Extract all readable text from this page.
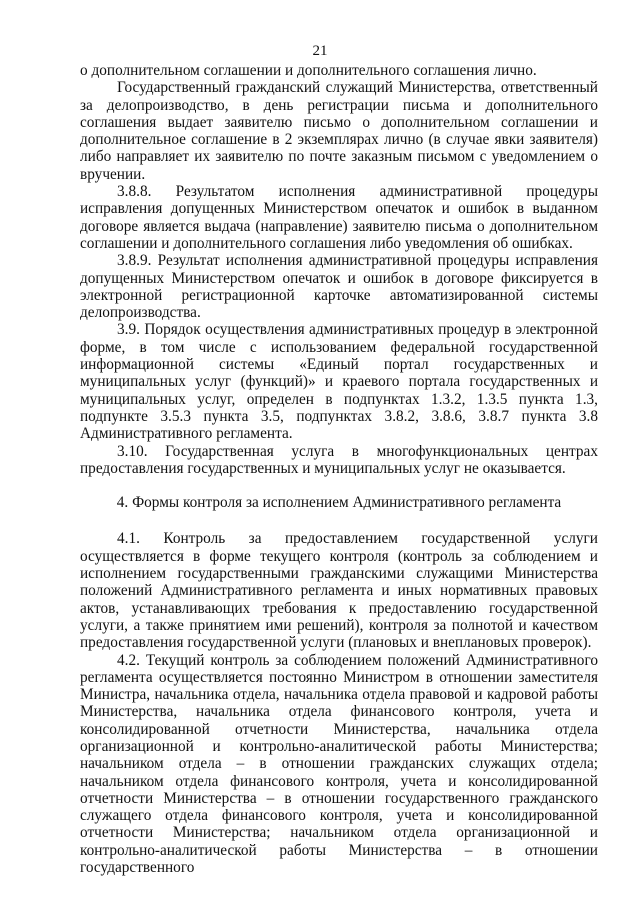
21

о дополнительном соглашении и дополнительного соглашения лично.

Государственный гражданский служащий Министерства, ответственный за делопроизводство, в день регистрации письма и дополнительного соглашения выдает заявителю письмо о дополнительном соглашении и дополнительное соглашение в 2 экземплярах лично (в случае явки заявителя) либо направляет их заявителю по почте заказным письмом с уведомлением о вручении.

3.8.8. Результатом исполнения административной процедуры исправления допущенных Министерством опечаток и ошибок в выданном договоре является выдача (направление) заявителю письма о дополнительном соглашении и дополнительного соглашения либо уведомления об ошибках.

3.8.9. Результат исполнения административной процедуры исправления допущенных Министерством опечаток и ошибок в договоре фиксируется в электронной регистрационной карточке автоматизированной системы делопроизводства.

3.9. Порядок осуществления административных процедур в электронной форме, в том числе с использованием федеральной государственной информационной системы «Единый портал государственных и муниципальных услуг (функций)» и краевого портала государственных и муниципальных услуг, определен в подпунктах 1.3.2, 1.3.5 пункта 1.3, подпункте 3.5.3 пункта 3.5, подпунктах 3.8.2, 3.8.6, 3.8.7 пункта 3.8 Административного регламента.

3.10. Государственная услуга в многофункциональных центрах предоставления государственных и муниципальных услуг не оказывается.

4. Формы контроля за исполнением Административного регламента

4.1. Контроль за предоставлением государственной услуги осуществляется в форме текущего контроля (контроль за соблюдением и исполнением государственными гражданскими служащими Министерства положений Административного регламента и иных нормативных правовых актов, устанавливающих требования к предоставлению государственной услуги, а также принятием ими решений), контроля за полнотой и качеством предоставления государственной услуги (плановых и внеплановых проверок).

4.2. Текущий контроль за соблюдением положений Административного регламента осуществляется постоянно Министром в отношении заместителя Министра, начальника отдела, начальника отдела правовой и кадровой работы Министерства, начальника отдела финансового контроля, учета и консолидированной отчетности Министерства, начальника отдела организационной и контрольно-аналитической работы Министерства; начальником отдела – в отношении гражданских служащих отдела; начальником отдела финансового контроля, учета и консолидированной отчетности Министерства – в отношении государственного гражданского служащего отдела финансового контроля, учета и консолидированной отчетности Министерства; начальником отдела организационной и контрольно-аналитической работы Министерства – в отношении государственного
